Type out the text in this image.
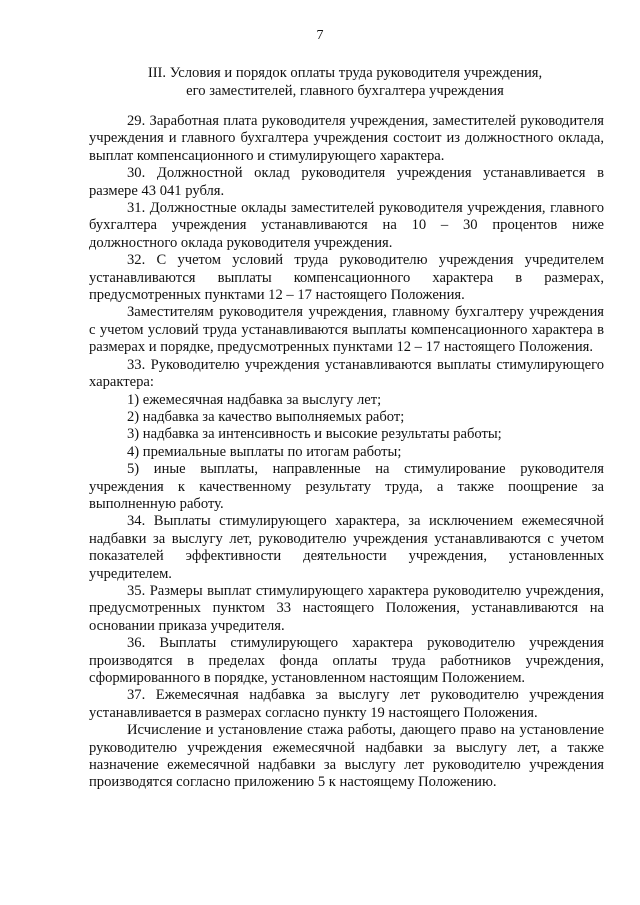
7
III. Условия и порядок оплаты труда руководителя учреждения,
его заместителей, главного бухгалтера учреждения

29. Заработная плата руководителя учреждения, заместителей руководителя учреждения и главного бухгалтера учреждения состоит из должностного оклада, выплат компенсационного и стимулирующего характера.

30. Должностной оклад руководителя учреждения устанавливается в размере 43 041 рубля.

31. Должностные оклады заместителей руководителя учреждения, главного бухгалтера учреждения устанавливаются на 10 – 30 процентов ниже должностного оклада руководителя учреждения.

32. С учетом условий труда руководителю учреждения учредителем устанавливаются выплаты компенсационного характера в размерах, предусмотренных пунктами 12 – 17 настоящего Положения.

Заместителям руководителя учреждения, главному бухгалтеру учреждения с учетом условий труда устанавливаются выплаты компенсационного характера в размерах и порядке, предусмотренных пунктами 12 – 17 настоящего Положения.

33. Руководителю учреждения устанавливаются выплаты стимулирующего характера:

1) ежемесячная надбавка за выслугу лет;

2) надбавка за качество выполняемых работ;

3) надбавка за интенсивность и высокие результаты работы;

4) премиальные выплаты по итогам работы;

5) иные выплаты, направленные на стимулирование руководителя учреждения к качественному результату труда, а также поощрение за выполненную работу.

34. Выплаты стимулирующего характера, за исключением ежемесячной надбавки за выслугу лет, руководителю учреждения устанавливаются с учетом показателей эффективности деятельности учреждения, установленных учредителем.

35. Размеры выплат стимулирующего характера руководителю учреждения, предусмотренных пунктом 33 настоящего Положения, устанавливаются на основании приказа учредителя.

36. Выплаты стимулирующего характера руководителю учреждения производятся в пределах фонда оплаты труда работников учреждения, сформированного в порядке, установленном настоящим Положением.

37. Ежемесячная надбавка за выслугу лет руководителю учреждения устанавливается в размерах согласно пункту 19 настоящего Положения.

Исчисление и установление стажа работы, дающего право на установление руководителю учреждения ежемесячной надбавки за выслугу лет, а также назначение ежемесячной надбавки за выслугу лет руководителю учреждения производятся согласно приложению 5 к настоящему Положению.
